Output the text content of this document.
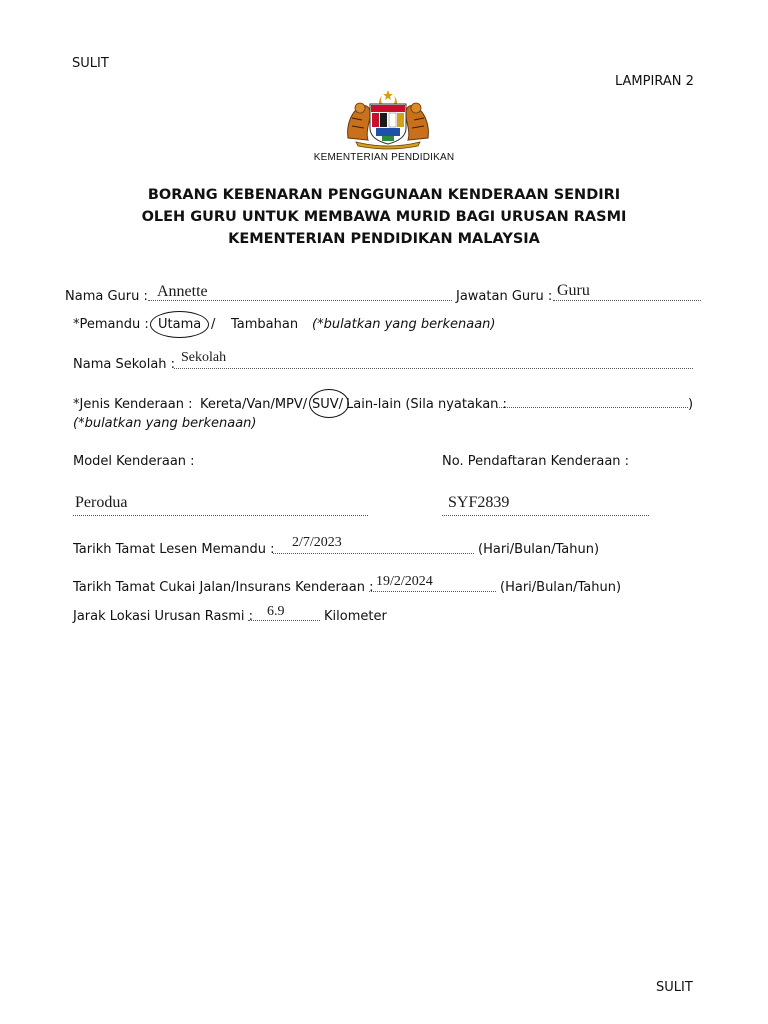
SULIT
LAMPIRAN 2
KEMENTERIAN PENDIDIKAN
BORANG KEBENARAN PENGGUNAAN KENDERAAN SENDIRI
OLEH GURU UNTUK MEMBAWA MURID BAGI URUSAN RASMI
KEMENTERIAN PENDIDIKAN MALAYSIA
Nama Guru : Annette	Jawatan Guru : Guru
*Pemandu : Utama / Tambahan (*bulatkan yang berkenaan)
Nama Sekolah : Sekolah
*Jenis Kenderaan : Kereta/Van/MPV/ SUV/ Lain-lain (Sila nyatakan :	)
(*bulatkan yang berkenaan)
Model Kenderaan :	No. Pendaftaran Kenderaan :
Perodua	SYF2839
Tarikh Tamat Lesen Memandu : 2/7/2023	(Hari/Bulan/Tahun)
Tarikh Tamat Cukai Jalan/Insurans Kenderaan : 19/2/2024	(Hari/Bulan/Tahun)
Jarak Lokasi Urusan Rasmi : 6.9	Kilometer
SULIT
